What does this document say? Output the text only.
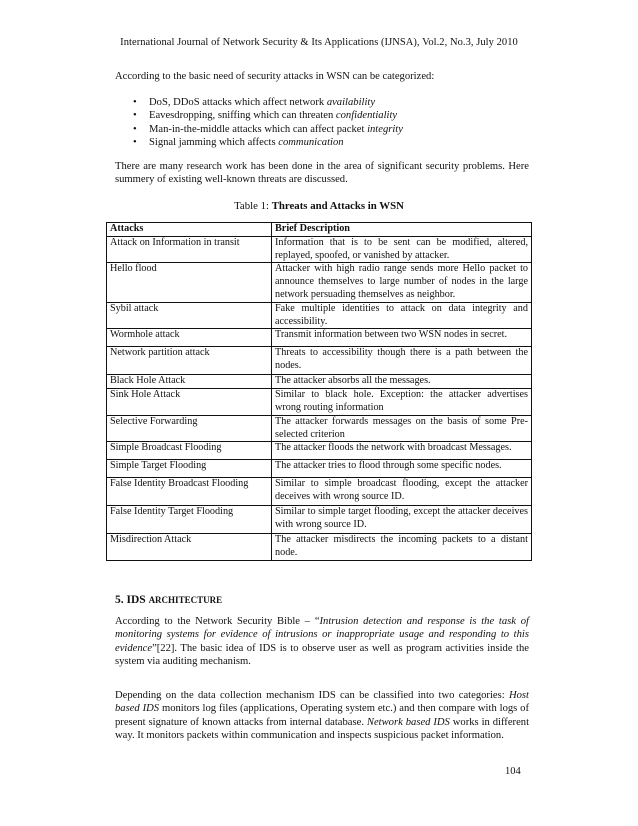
International Journal of Network Security & Its Applications (IJNSA), Vol.2, No.3, July 2010

According to the basic need of security attacks in WSN can be categorized:

• DoS, DDoS attacks which affect network availability
• Eavesdropping, sniffing which can threaten confidentiality
• Man-in-the-middle attacks which can affect packet integrity
• Signal jamming which affects communication

There are many research work has been done in the area of significant security problems. Here summery of existing well-known threats are discussed.

Table 1: Threats and Attacks in WSN
Attacks	Brief Description
Attack on Information in transit	Information that is to be sent can be modified, altered, replayed, spoofed, or vanished by attacker.
Hello flood	Attacker with high radio range sends more Hello packet to announce themselves to large number of nodes in the large network persuading themselves as neighbor.
Sybil attack	Fake multiple identities to attack on data integrity and accessibility.
Wormhole attack	Transmit information between two WSN nodes in secret.
Network partition attack	Threats to accessibility though there is a path between the nodes.
Black Hole Attack	The attacker absorbs all the messages.
Sink Hole Attack	Similar to black hole. Exception: the attacker advertises wrong routing information
Selective Forwarding	The attacker forwards messages on the basis of some Pre-selected criterion
Simple Broadcast Flooding	The attacker floods the network with broadcast Messages.
Simple Target Flooding	The attacker tries to flood through some specific nodes.
False Identity Broadcast Flooding	Similar to simple broadcast flooding, except the attacker deceives with wrong source ID.
False Identity Target Flooding	Similar to simple target flooding, except the attacker deceives with wrong source ID.
Misdirection Attack	The attacker misdirects the incoming packets to a distant node.
5. IDS ARCHITECTURE

According to the Network Security Bible – “Intrusion detection and response is the task of monitoring systems for evidence of intrusions or inappropriate usage and responding to this evidence”[22]. The basic idea of IDS is to observe user as well as program activities inside the system via auditing mechanism.

Depending on the data collection mechanism IDS can be classified into two categories: Host based IDS monitors log files (applications, Operating system etc.) and then compare with logs of present signature of known attacks from internal database. Network based IDS works in different way. It monitors packets within communication and inspects suspicious packet information.

104
